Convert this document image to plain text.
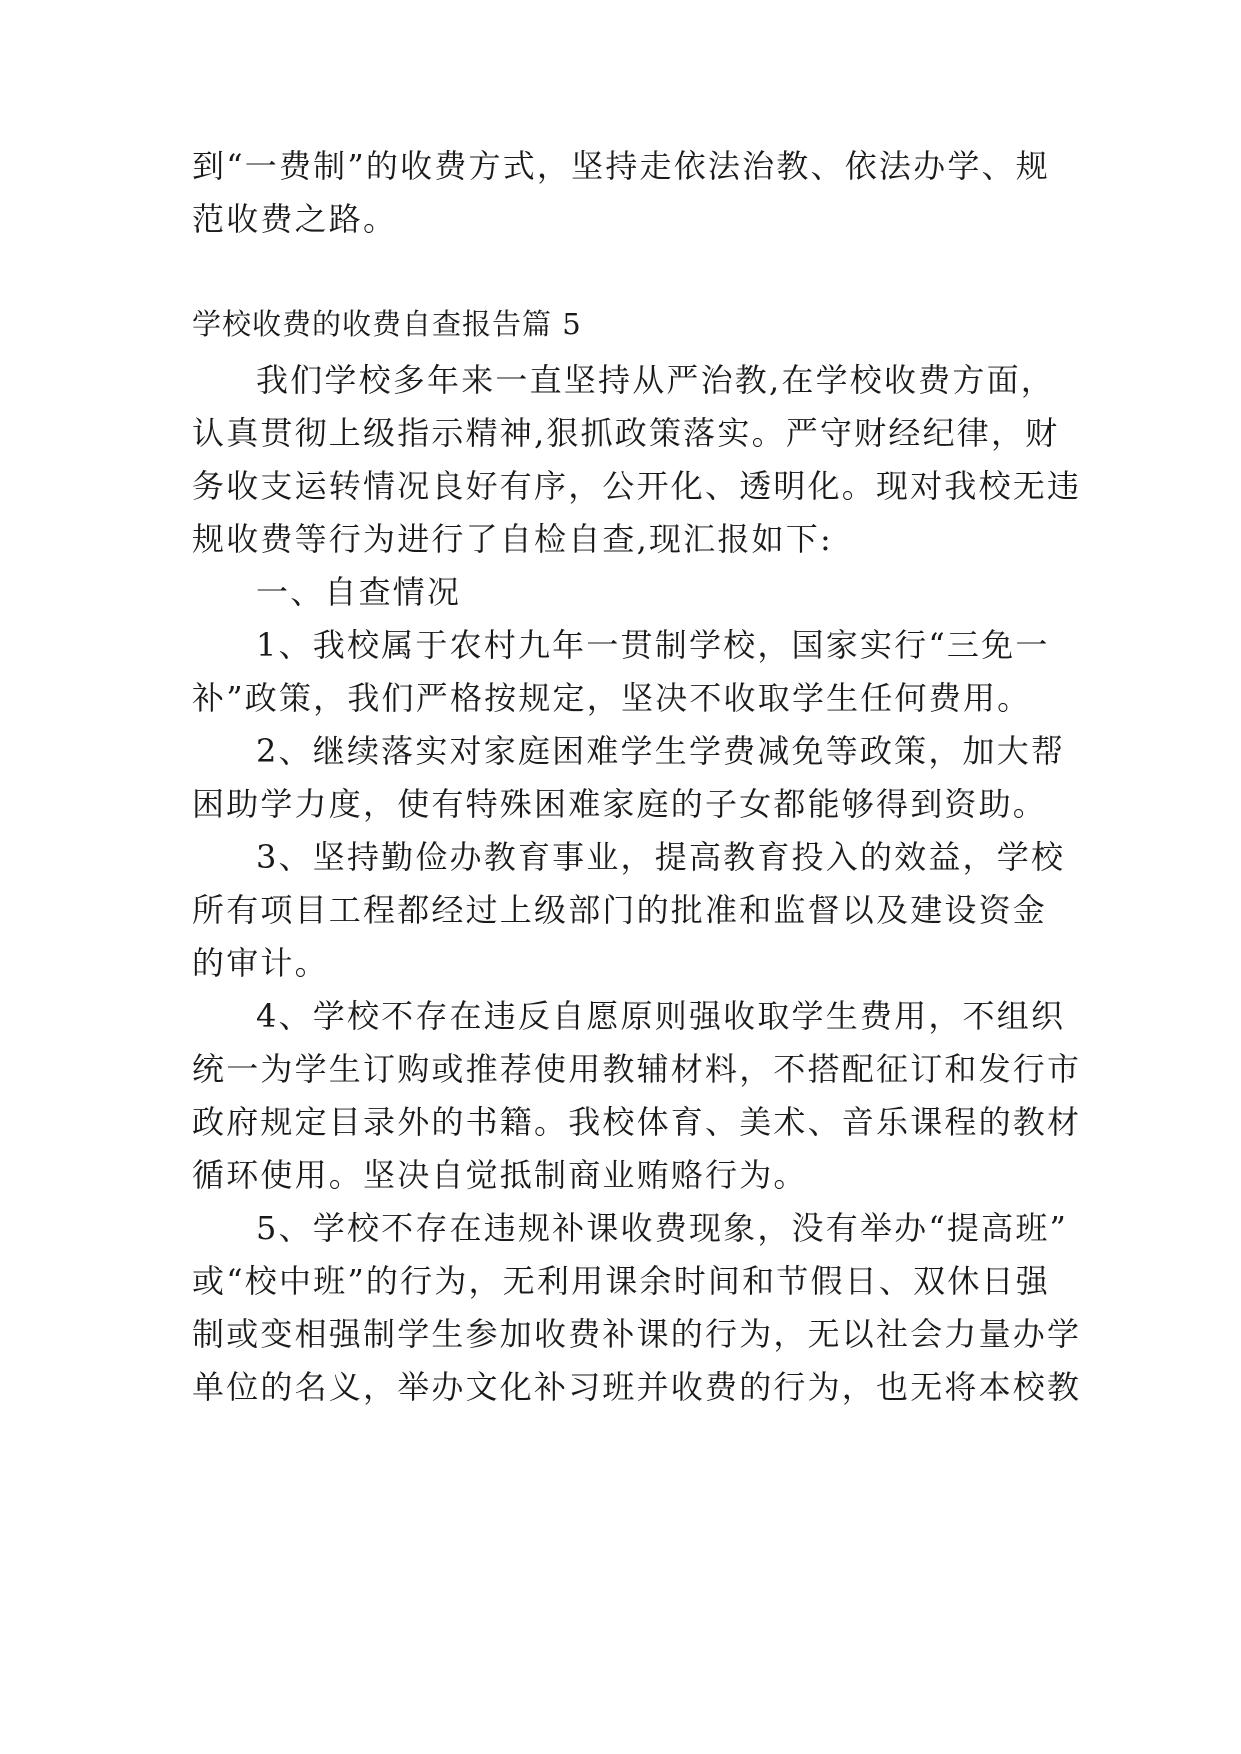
到“一费制”的收费方式，坚持走依法治教、依法办学、规
范收费之路。
学校收费的收费自查报告篇 5
我们学校多年来一直坚持从严治教,在学校收费方面，
认真贯彻上级指示精神,狠抓政策落实。严守财经纪律，财
务收支运转情况良好有序，公开化、透明化。现对我校无违
规收费等行为进行了自检自查,现汇报如下:
一、自查情况
1、我校属于农村九年一贯制学校，国家实行“三免一
补”政策，我们严格按规定，坚决不收取学生任何费用。
2、继续落实对家庭困难学生学费减免等政策，加大帮
困助学力度，使有特殊困难家庭的子女都能够得到资助。
3、坚持勤俭办教育事业，提高教育投入的效益，学校
所有项目工程都经过上级部门的批准和监督以及建设资金
的审计。
4、学校不存在违反自愿原则强收取学生费用，不组织
统一为学生订购或推荐使用教辅材料，不搭配征订和发行市
政府规定目录外的书籍。我校体育、美术、音乐课程的教材
循环使用。坚决自觉抵制商业贿赂行为。
5、学校不存在违规补课收费现象，没有举办“提高班”
或“校中班”的行为，无利用课余时间和节假日、双休日强
制或变相强制学生参加收费补课的行为，无以社会力量办学
单位的名义，举办文化补习班并收费的行为，也无将本校教
